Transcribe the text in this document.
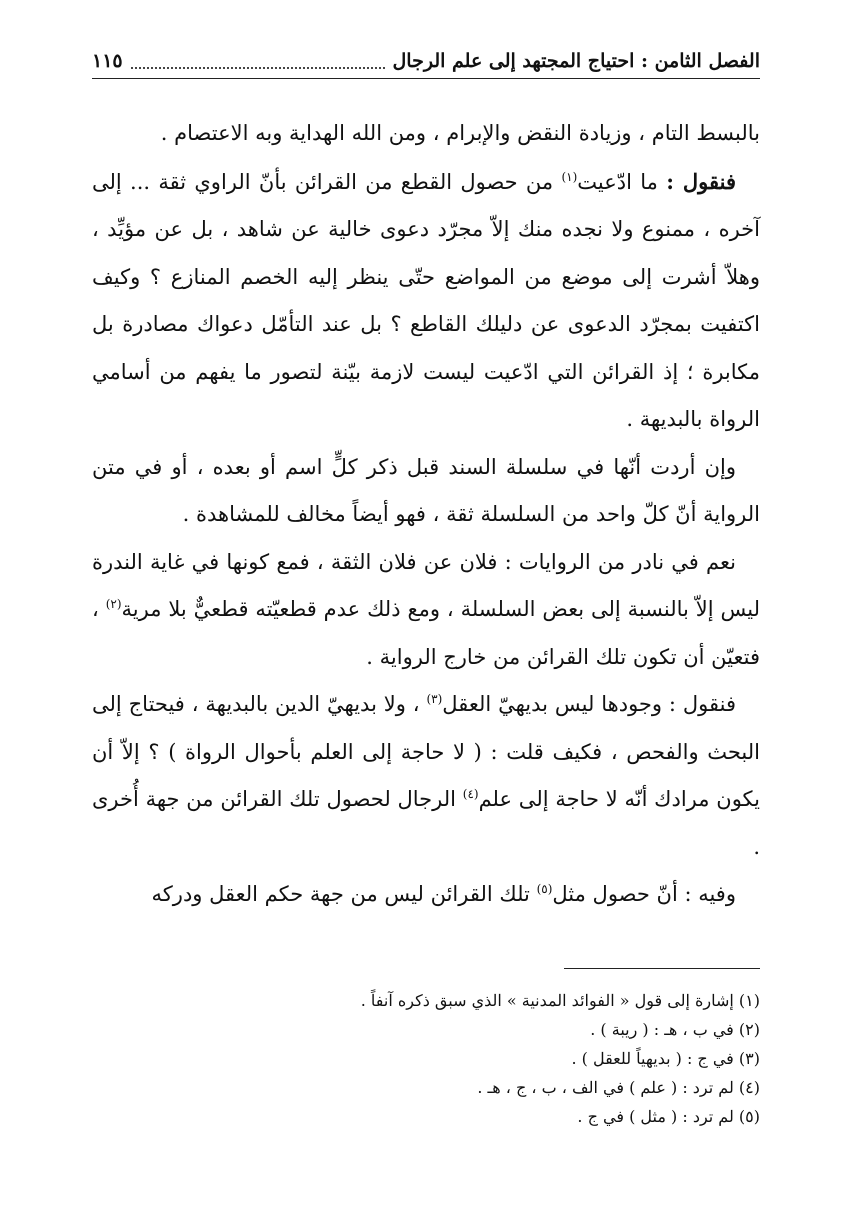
الفصل الثامن : احتياج المجتهد إلى علم الرجال
١١٥

بالبسط التام ، وزيادة النقض والإبرام ، ومن الله الهداية وبه الاعتصام .

فنقول : ما ادّعيت$^{(١)}$ من حصول القطع من القرائن بأنّ الراوي ثقة ... إلى آخره ، ممنوع ولا نجده منك إلاّ مجرّد دعوى خالية عن شاهد ، بل عن مؤيِّد ، وهلاّ أشرت إلى موضع من المواضع حتّى ينظر إليه الخصم المنازع ؟ وكيف اكتفيت بمجرّد الدعوى عن دليلك القاطع ؟ بل عند التأمّل دعواك مصادرة بل مكابرة ؛ إذ القرائن التي ادّعيت ليست لازمة بيّنة لتصور ما يفهم من أسامي الرواة بالبديهة .

وإن أردت أنّها في سلسلة السند قبل ذكر كلٍّ اسم أو بعده ، أو في متن الرواية أنّ كلّ واحد من السلسلة ثقة ، فهو أيضاً مخالف للمشاهدة .

نعم في نادر من الروايات : فلان عن فلان الثقة ، فمع كونها في غاية الندرة ليس إلاّ بالنسبة إلى بعض السلسلة ، ومع ذلك عدم قطعيّته قطعيٌّ بلا مرية$^{(٢)}$ ، فتعيّن أن تكون تلك القرائن من خارج الرواية .

فنقول : وجودها ليس بديهيّ العقل$^{(٣)}$ ، ولا بديهيّ الدين بالبديهة ، فيحتاج إلى البحث والفحص ، فكيف قلت : ( لا حاجة إلى العلم بأحوال الرواة ) ؟ إلاّ أن يكون مرادك أنّه لا حاجة إلى علم$^{(٤)}$ الرجال لحصول تلك القرائن من جهة أُخرى .

وفيه : أنّ حصول مثل$^{(٥)}$ تلك القرائن ليس من جهة حكم العقل ودركه

(١) إشارة إلى قول « الفوائد المدنية » الذي سبق ذكره آنفاً .

(٢) في ب ، هـ : ( ريبة ) .

(٣) في ج : ( بديهياً للعقل ) .

(٤) لم ترد : ( علم ) في الف ، ب ، ج ، هـ .

(٥) لم ترد : ( مثل ) في ج .
